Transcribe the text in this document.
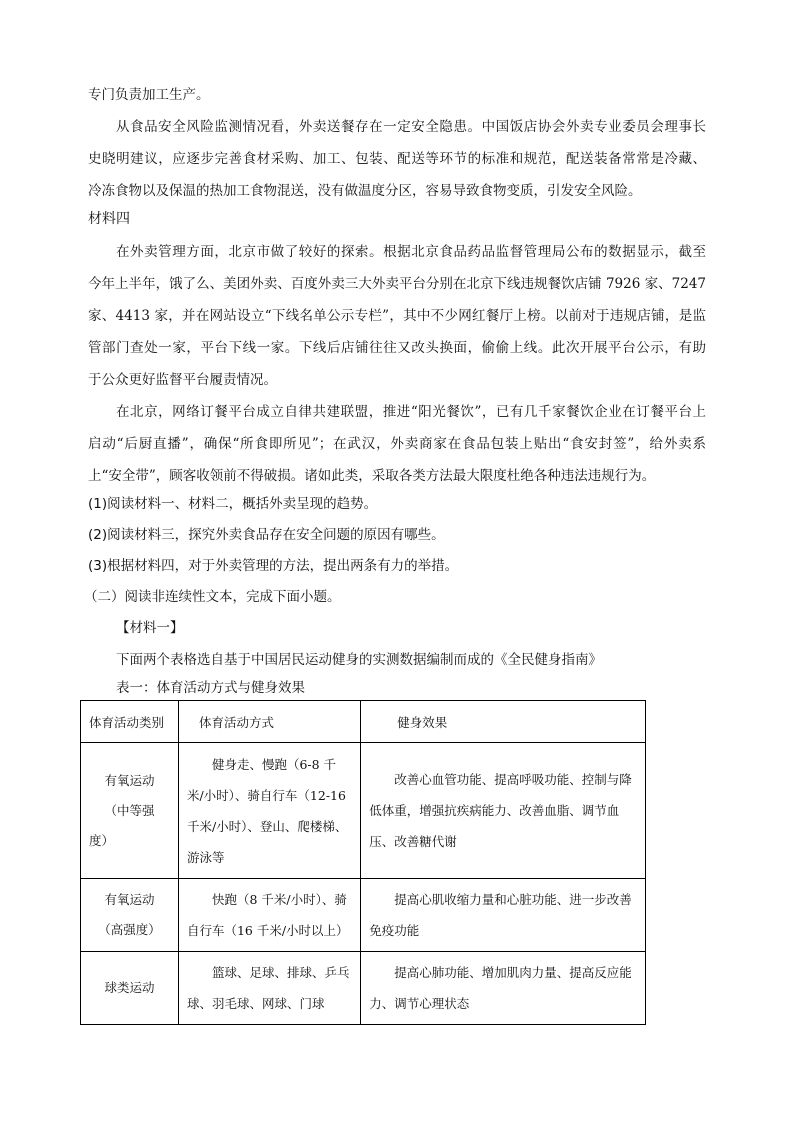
专门负责加工生产。
从食品安全风险监测情况看，外卖送餐存在一定安全隐患。中国饭店协会外卖专业委员会理事长
史晓明建议，应逐步完善食材采购、加工、包装、配送等环节的标准和规范，配送装备常常是冷藏、
冷冻食物以及保温的热加工食物混送，没有做温度分区，容易导致食物变质，引发安全风险。
材料四
在外卖管理方面，北京市做了较好的探索。根据北京食品药品监督管理局公布的数据显示，截至
今年上半年，饿了么、美团外卖、百度外卖三大外卖平台分别在北京下线违规餐饮店铺 7926 家、7247
家、4413 家，并在网站设立“下线名单公示专栏”，其中不少网红餐厅上榜。以前对于违规店铺，是监
管部门查处一家，平台下线一家。下线后店铺往往又改头换面，偷偷上线。此次开展平台公示，有助
于公众更好监督平台履责情况。
在北京，网络订餐平台成立自律共建联盟，推进“阳光餐饮”，已有几千家餐饮企业在订餐平台上
启动“后厨直播”，确保“所食即所见”；在武汉，外卖商家在食品包装上贴出“食安封签”，给外卖系
上“安全带”，顾客收领前不得破损。诸如此类，采取各类方法最大限度杜绝各种违法违规行为。
(1)阅读材料一、材料二，概括外卖呈现的趋势。
(2)阅读材料三，探究外卖食品存在安全问题的原因有哪些。
(3)根据材料四，对于外卖管理的方法，提出两条有力的举措。
（二）阅读非连续性文本，完成下面小题。
【材料一】
下面两个表格选自基于中国居民运动健身的实测数据编制而成的《全民健身指南》
表一：体育活动方式与健身效果
体育活动类别	体育活动方式	健身效果

有氧运动
（中等强
度）	健身走、慢跑（6-8 千米/小时）、骑自行车（12-16 千米/小时）、登山、爬楼梯、游泳等	改善心血管功能、提高呼吸功能、控制与降低体重，增强抗疾病能力、改善血脂、调节血压、改善糖代谢

有氧运动
（高强度）	快跑（8 千米/小时）、骑自行车（16 千米/小时以上）	提高心肌收缩力量和心脏功能、进一步改善免疫功能

球类运动	篮球、足球、排球、乒乓球、羽毛球、网球、门球	提高心肺功能、增加肌肉力量、提高反应能力、调节心理状态
